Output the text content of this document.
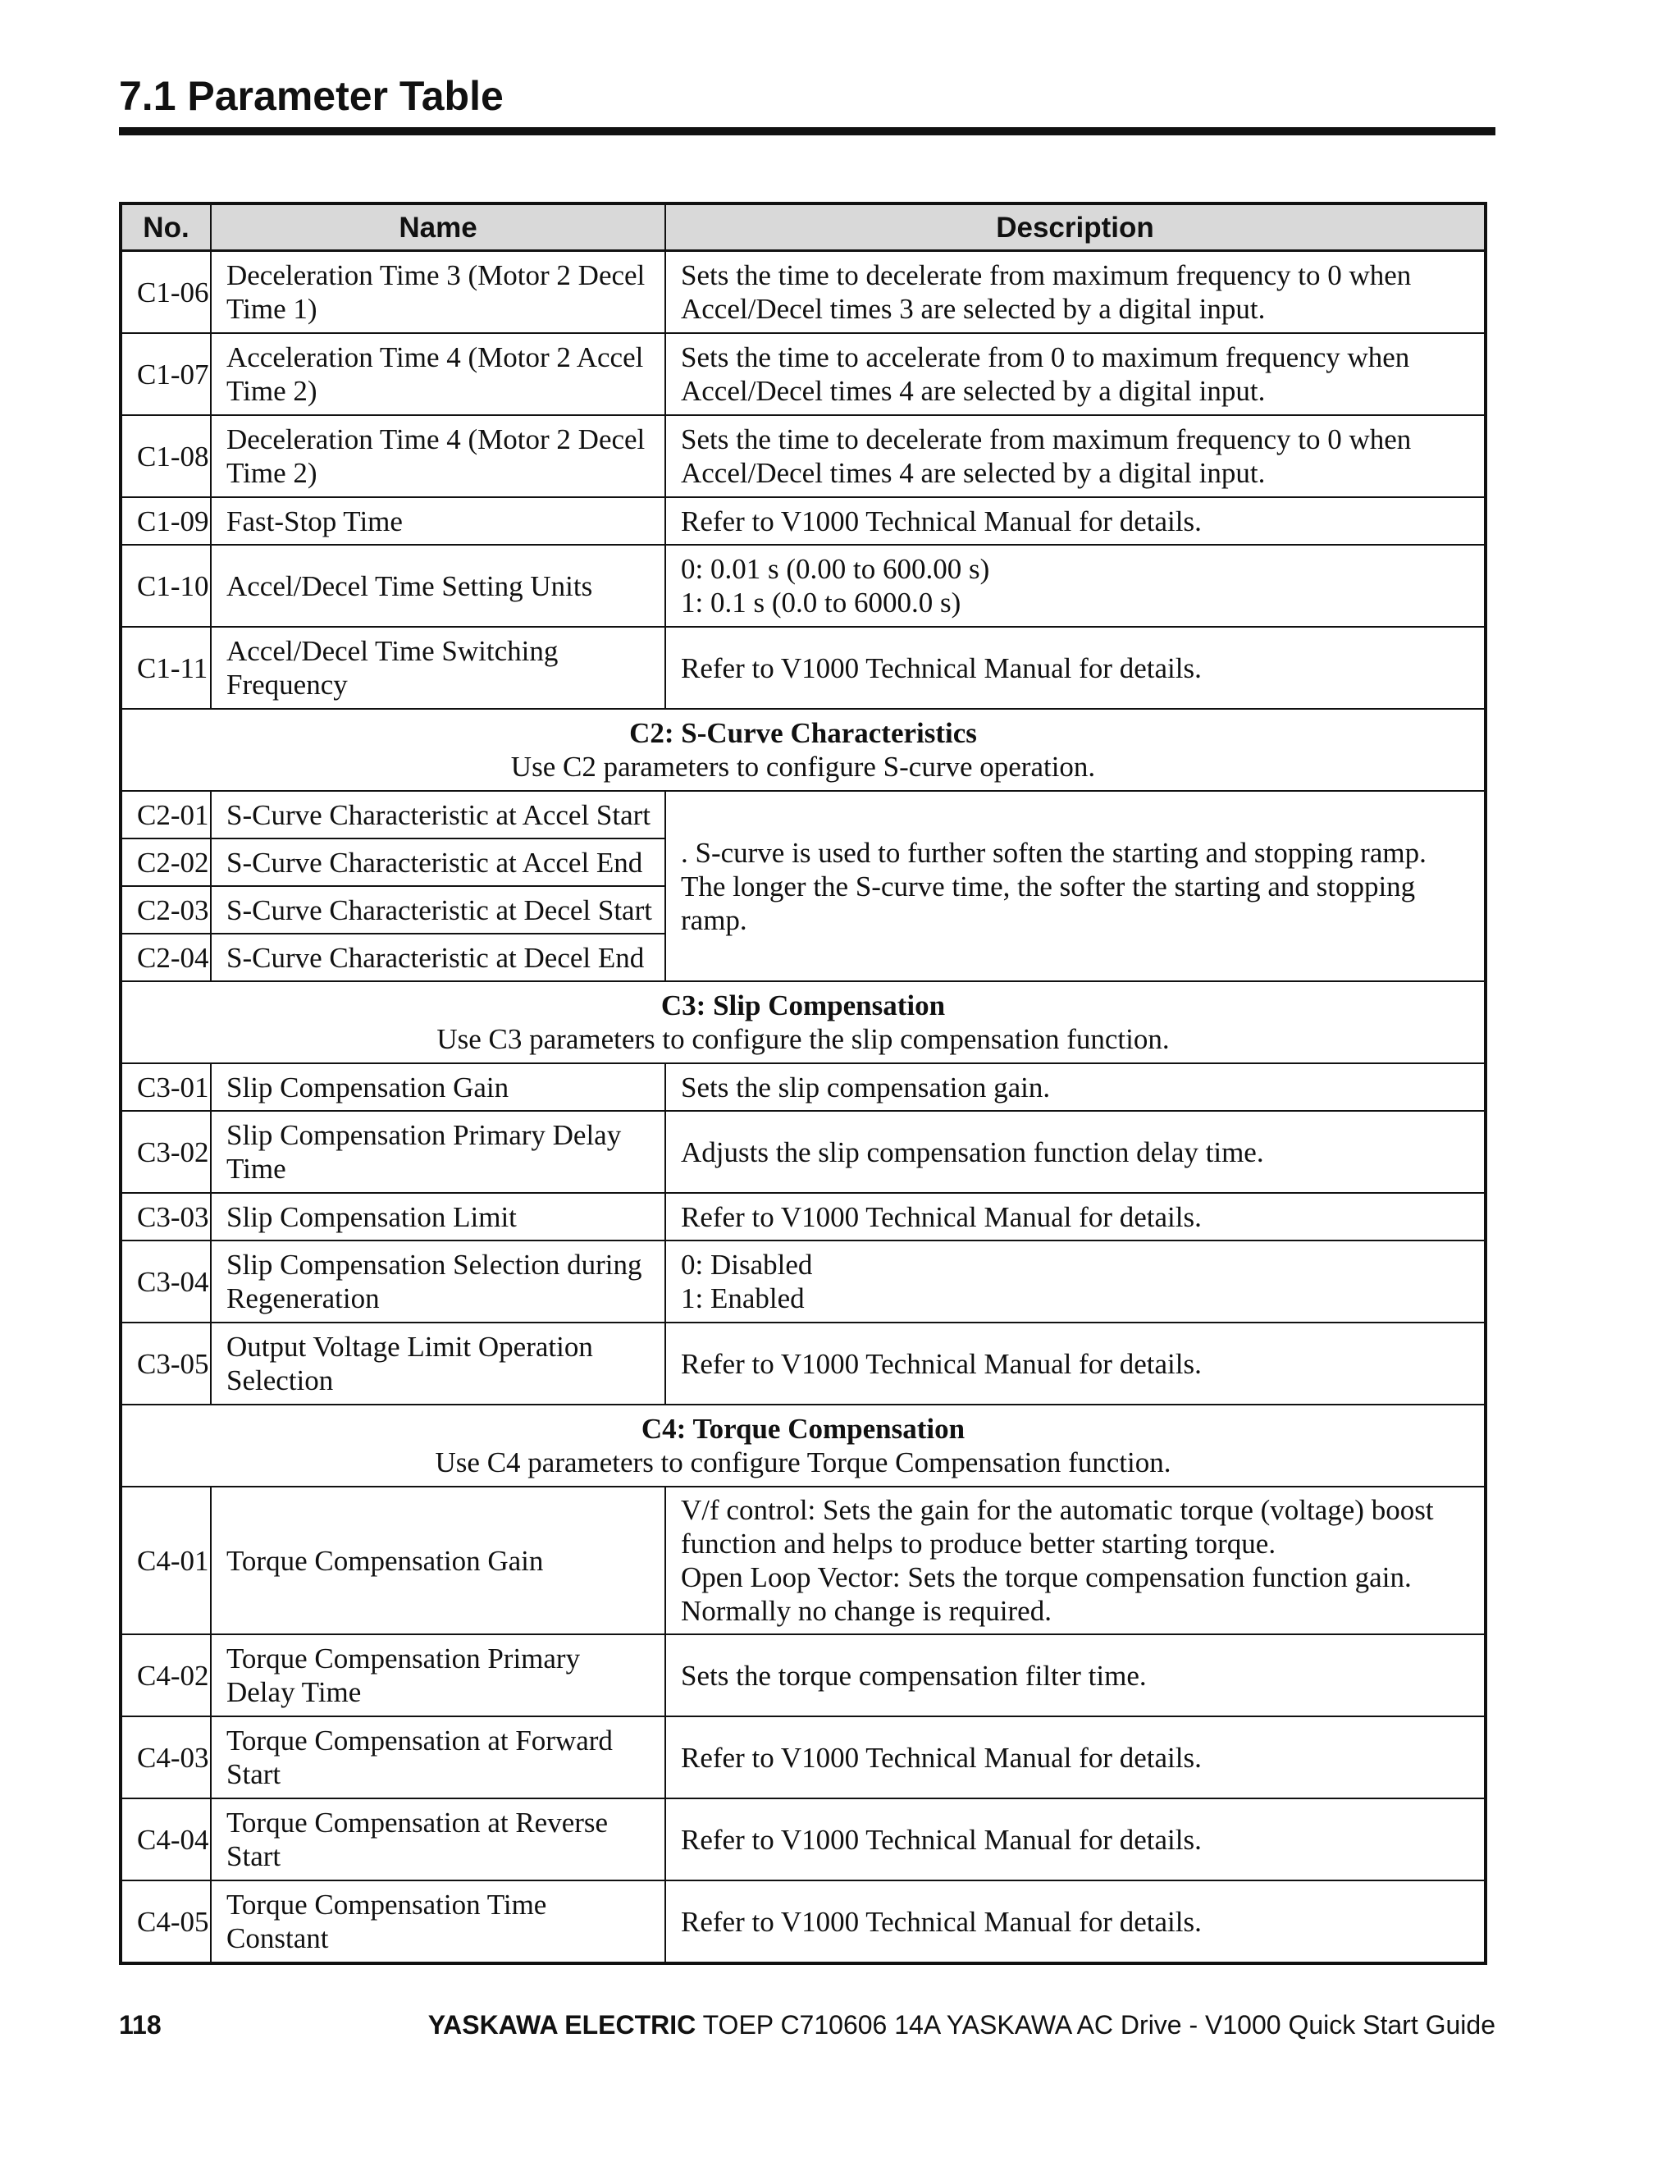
7.1 Parameter Table
No.	Name	Description
C1-06	Deceleration Time 3 (Motor 2 Decel Time 1)	Sets the time to decelerate from maximum frequency to 0 when Accel/Decel times 3 are selected by a digital input.
C1-07	Acceleration Time 4 (Motor 2 Accel Time 2)	Sets the time to accelerate from 0 to maximum frequency when Accel/Decel times 4 are selected by a digital input.
C1-08	Deceleration Time 4 (Motor 2 Decel Time 2)	Sets the time to decelerate from maximum frequency to 0 when Accel/Decel times 4 are selected by a digital input.
C1-09	Fast-Stop Time	Refer to V1000 Technical Manual for details.
C1-10	Accel/Decel Time Setting Units	0: 0.01 s (0.00 to 600.00 s)
1: 0.1 s (0.0 to 6000.0 s)

C1-11	Accel/Decel Time Switching Frequency	Refer to V1000 Technical Manual for details.

C2: S-Curve Characteristics
Use C2 parameters to configure S-curve operation.		

C2-01	S-Curve Characteristic at Accel Start	. S-curve is used to further soften the starting and stopping ramp. The longer the S-curve time, the softer the starting and stopping ramp.
C2-02	S-Curve Characteristic at Accel End	
C2-03	S-Curve Characteristic at Decel Start	
C2-04	S-Curve Characteristic at Decel End	

C3: Slip Compensation
Use C3 parameters to configure the slip compensation function.		

C3-01	Slip Compensation Gain	Sets the slip compensation gain.
C3-02	Slip Compensation Primary Delay Time	Adjusts the slip compensation function delay time.
C3-03	Slip Compensation Limit	Refer to V1000 Technical Manual for details.
C3-04	Slip Compensation Selection during Regeneration	0: Disabled
1: Enabled

C3-05	Output Voltage Limit Operation Selection	Refer to V1000 Technical Manual for details.

C4: Torque Compensation
Use C4 parameters to configure Torque Compensation function.		

C4-01	Torque Compensation Gain	V/f control: Sets the gain for the automatic torque (voltage) boost function and helps to produce better starting torque.
Open Loop Vector: Sets the torque compensation function gain. Normally no change is required.

C4-02	Torque Compensation Primary Delay Time	Sets the torque compensation filter time.
C4-03	Torque Compensation at Forward Start	Refer to V1000 Technical Manual for details.
C4-04	Torque Compensation at Reverse Start	Refer to V1000 Technical Manual for details.
C4-05	Torque Compensation Time Constant	Refer to V1000 Technical Manual for details.
118	YASKAWA ELECTRIC TOEP C710606 14A YASKAWA AC Drive - V1000 Quick Start Guide
